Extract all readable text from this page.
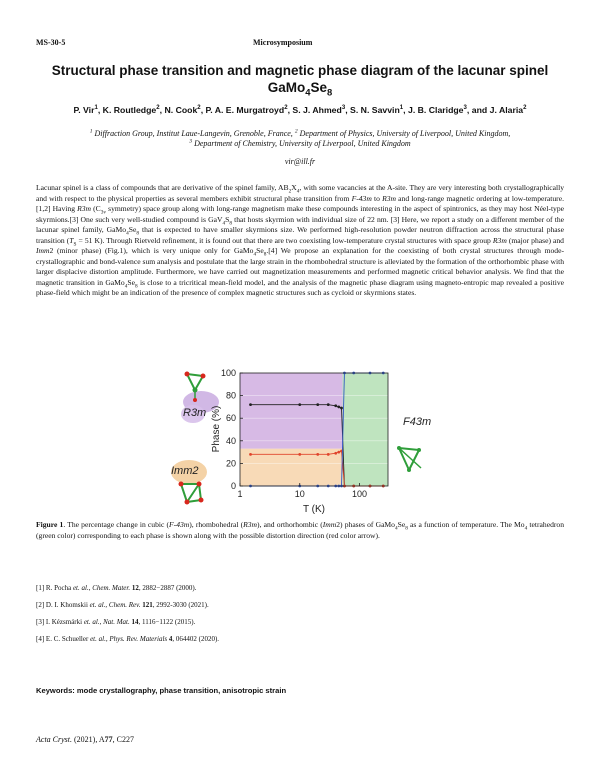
MS-30-5	Microsymposium
Structural phase transition and magnetic phase diagram of the lacunar spinel
$GaMo_4Se_8$
P. Vir$^1$, K. Routledge$^2$, N. Cook$^2$, P. A. E. Murgatroyd$^2$, S. J. Ahmed$^3$, S. N. Savvin$^1$, J. B. Claridge$^3$, and J. Alaria$^2$
$^1$ Diffraction Group, Institut Laue-Langevin, Grenoble, France, $^2$ Department of Physics, University of Liverpool, United Kingdom,
$^3$ Department of Chemistry, University of Liverpool, United Kingdom
vir@ill.fr
Lacunar spinel is a class of compounds that are derivative of the spinel family, $AB_2X_4$, with some vacancies at the A-site. They are very interesting both crystallographically and with respect to the physical properties as several members exhibit structural phase transition from F-43m to R3m and long-range magnetic ordering at low-temperature.[1,2] Having R3m ($C_{3v}$ symmetry) space group along with long-range magnetism make these compounds interesting in the aspect of spintronics, as they may host Néel-type skyrmions.[3] One such very well-studied compound is $GaV_4S_8$ that hosts skyrmion with individual size of 22 nm. [3] Here, we report a study on a different member of the lacunar spinel family, $GaMo_4Se_8$ that is expected to have smaller skyrmions size. We performed high-resolution powder neutron diffraction across the structural phase transition ($T_S = 51$ K). Through Rietveld refinement, it is found out that there are two coexisting low-temperature crystal structures with space group R3m (major phase) and Imm2 (minor phase) (Fig.1), which is very unique only for $GaMo_4Se_8.[4]$ We propose an explanation for the coexisting of both crystal structures through mode-crystallographic and bond-valence sum analysis and postulate that the large strain in the rhombohedral structure is alleviated by the formation of the orthorhombic phase with larger displacive distortion amplitude. Furthermore, we have carried out magnetization measurements and performed magnetic critical behavior analysis. We find that the magnetic transition in $GaMo_4Se_8$ is close to a tricritical mean-field model, and the analysis of the magnetic phase diagram using magneto-entropic map revealed a positive phase-field which might be an indication of the presence of complex magnetic structures such as cycloid or skyrmions states.
R3m
Imm2
F43m
0
20
40
60
80
100
1	10	100
Phase (%)
T (K)
Figure 1. The percentage change in cubic (F-43m), rhombohedral (R3m), and orthorhombic (Imm2) phases of $GaMo_4Se_8$ as a function of temperature. The $Mo_4$ tetrahedron (green color) corresponding to each phase is shown along with the possible distortion direction (red color arrow).
[1] R. Pocha et. al., Chem. Mater. 12, 2882−2887 (2000).
[2] D. I. Khomskii et. al., Chem. Rev. 121, 2992-3030 (2021).
[3] I. Kézsmárki et. al., Nat. Mat. 14, 1116−1122 (2015).
[4] E. C. Schueller et. al., Phys. Rev. Materials 4, 064402 (2020).
Keywords: mode crystallography, phase transition, anisotropic strain
Acta Cryst. (2021), A77, C227
